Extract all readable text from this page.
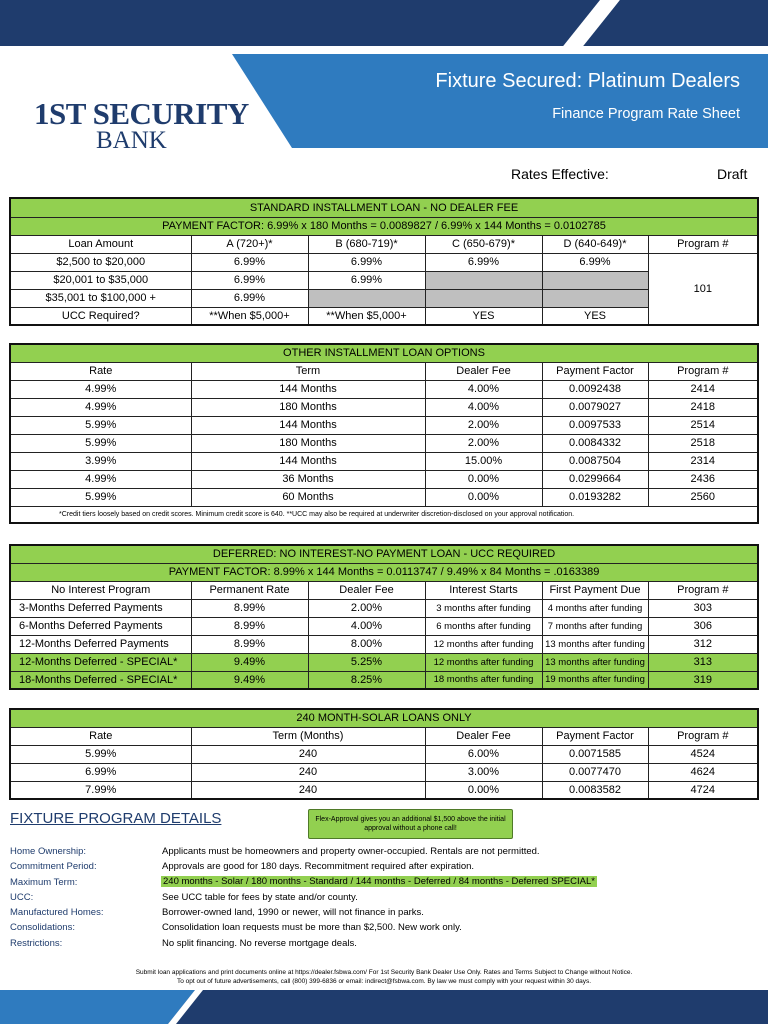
Fixture Secured: Platinum Dealers
Finance Program Rate Sheet
1ST SECURITY
BANK
Rates Effective:	Draft
STANDARD INSTALLMENT LOAN - NO DEALER FEE					
PAYMENT FACTOR: 6.99% x 180 Months = 0.0089827 / 6.99% x 144 Months = 0.0102785					
Loan Amount	A (720+)*	B (680-719)*	C (650-679)*	D (640-649)*	Program #
$2,500 to $20,000	6.99%	6.99%	6.99%	6.99%	101
$20,001 to $35,000	6.99%	6.99%			
$35,001 to $100,000 +	6.99%				
UCC Required?	**When $5,000+	**When $5,000+	YES	YES	
OTHER INSTALLMENT LOAN OPTIONS				
Rate	Term	Dealer Fee	Payment Factor	Program #
4.99%	144 Months	4.00%	0.0092438	2414
4.99%	180 Months	4.00%	0.0079027	2418
5.99%	144 Months	2.00%	0.0097533	2514
5.99%	180 Months	2.00%	0.0084332	2518
3.99%	144 Months	15.00%	0.0087504	2314
4.99%	36 Months	0.00%	0.0299664	2436
5.99%	60 Months	0.00%	0.0193282	2560
*Credit tiers loosely based on credit scores. Minimum credit score is 640. **UCC may also be required at underwriter discretion-disclosed on your approval notification.				
DEFERRED: NO INTEREST-NO PAYMENT LOAN - UCC REQUIRED					
PAYMENT FACTOR: 8.99% x 144 Months = 0.0113747 / 9.49% x 84 Months = .0163389					
No Interest Program	Permanent Rate	Dealer Fee	Interest Starts	First Payment Due	Program #
3-Months Deferred Payments	8.99%	2.00%	3 months after funding	4 months after funding	303
6-Months Deferred Payments	8.99%	4.00%	6 months after funding	7 months after funding	306
12-Months Deferred Payments	8.99%	8.00%	12 months after funding	13 months after funding	312
12-Months Deferred - SPECIAL*	9.49%	5.25%	12 months after funding	13 months after funding	313
18-Months Deferred - SPECIAL*	9.49%	8.25%	18 months after funding	19 months after funding	319
240 MONTH-SOLAR LOANS ONLY				
Rate	Term (Months)	Dealer Fee	Payment Factor	Program #
5.99%	240	6.00%	0.0071585	4524
6.99%	240	3.00%	0.0077470	4624
7.99%	240	0.00%	0.0083582	4724
FIXTURE PROGRAM DETAILS	Flex-Approval gives you an additional $1,500 above the initial approval without a phone call!
Home Ownership:	Applicants must be homeowners and property owner-occupied. Rentals are not permitted.
Commitment Period:	Approvals are good for 180 days. Recommitment required after expiration.
Maximum Term:	240 months - Solar / 180 months - Standard / 144 months - Deferred / 84 months - Deferred SPECIAL*
UCC:	See UCC table for fees by state and/or county.
Manufactured Homes:	Borrower-owned land, 1990 or newer, will not finance in parks.
Consolidations:	Consolidation loan requests must be more than $2,500. New work only.
Restrictions:	No split financing. No reverse mortgage deals.
Submit loan applications and print documents online at https://dealer.fsbwa.com/ For 1st Security Bank Dealer Use Only. Rates and Terms Subject to Change without Notice.
To opt out of future advertisements, call (800) 399-6836 or email: indirect@fsbwa.com. By law we must comply with your request within 30 days.
